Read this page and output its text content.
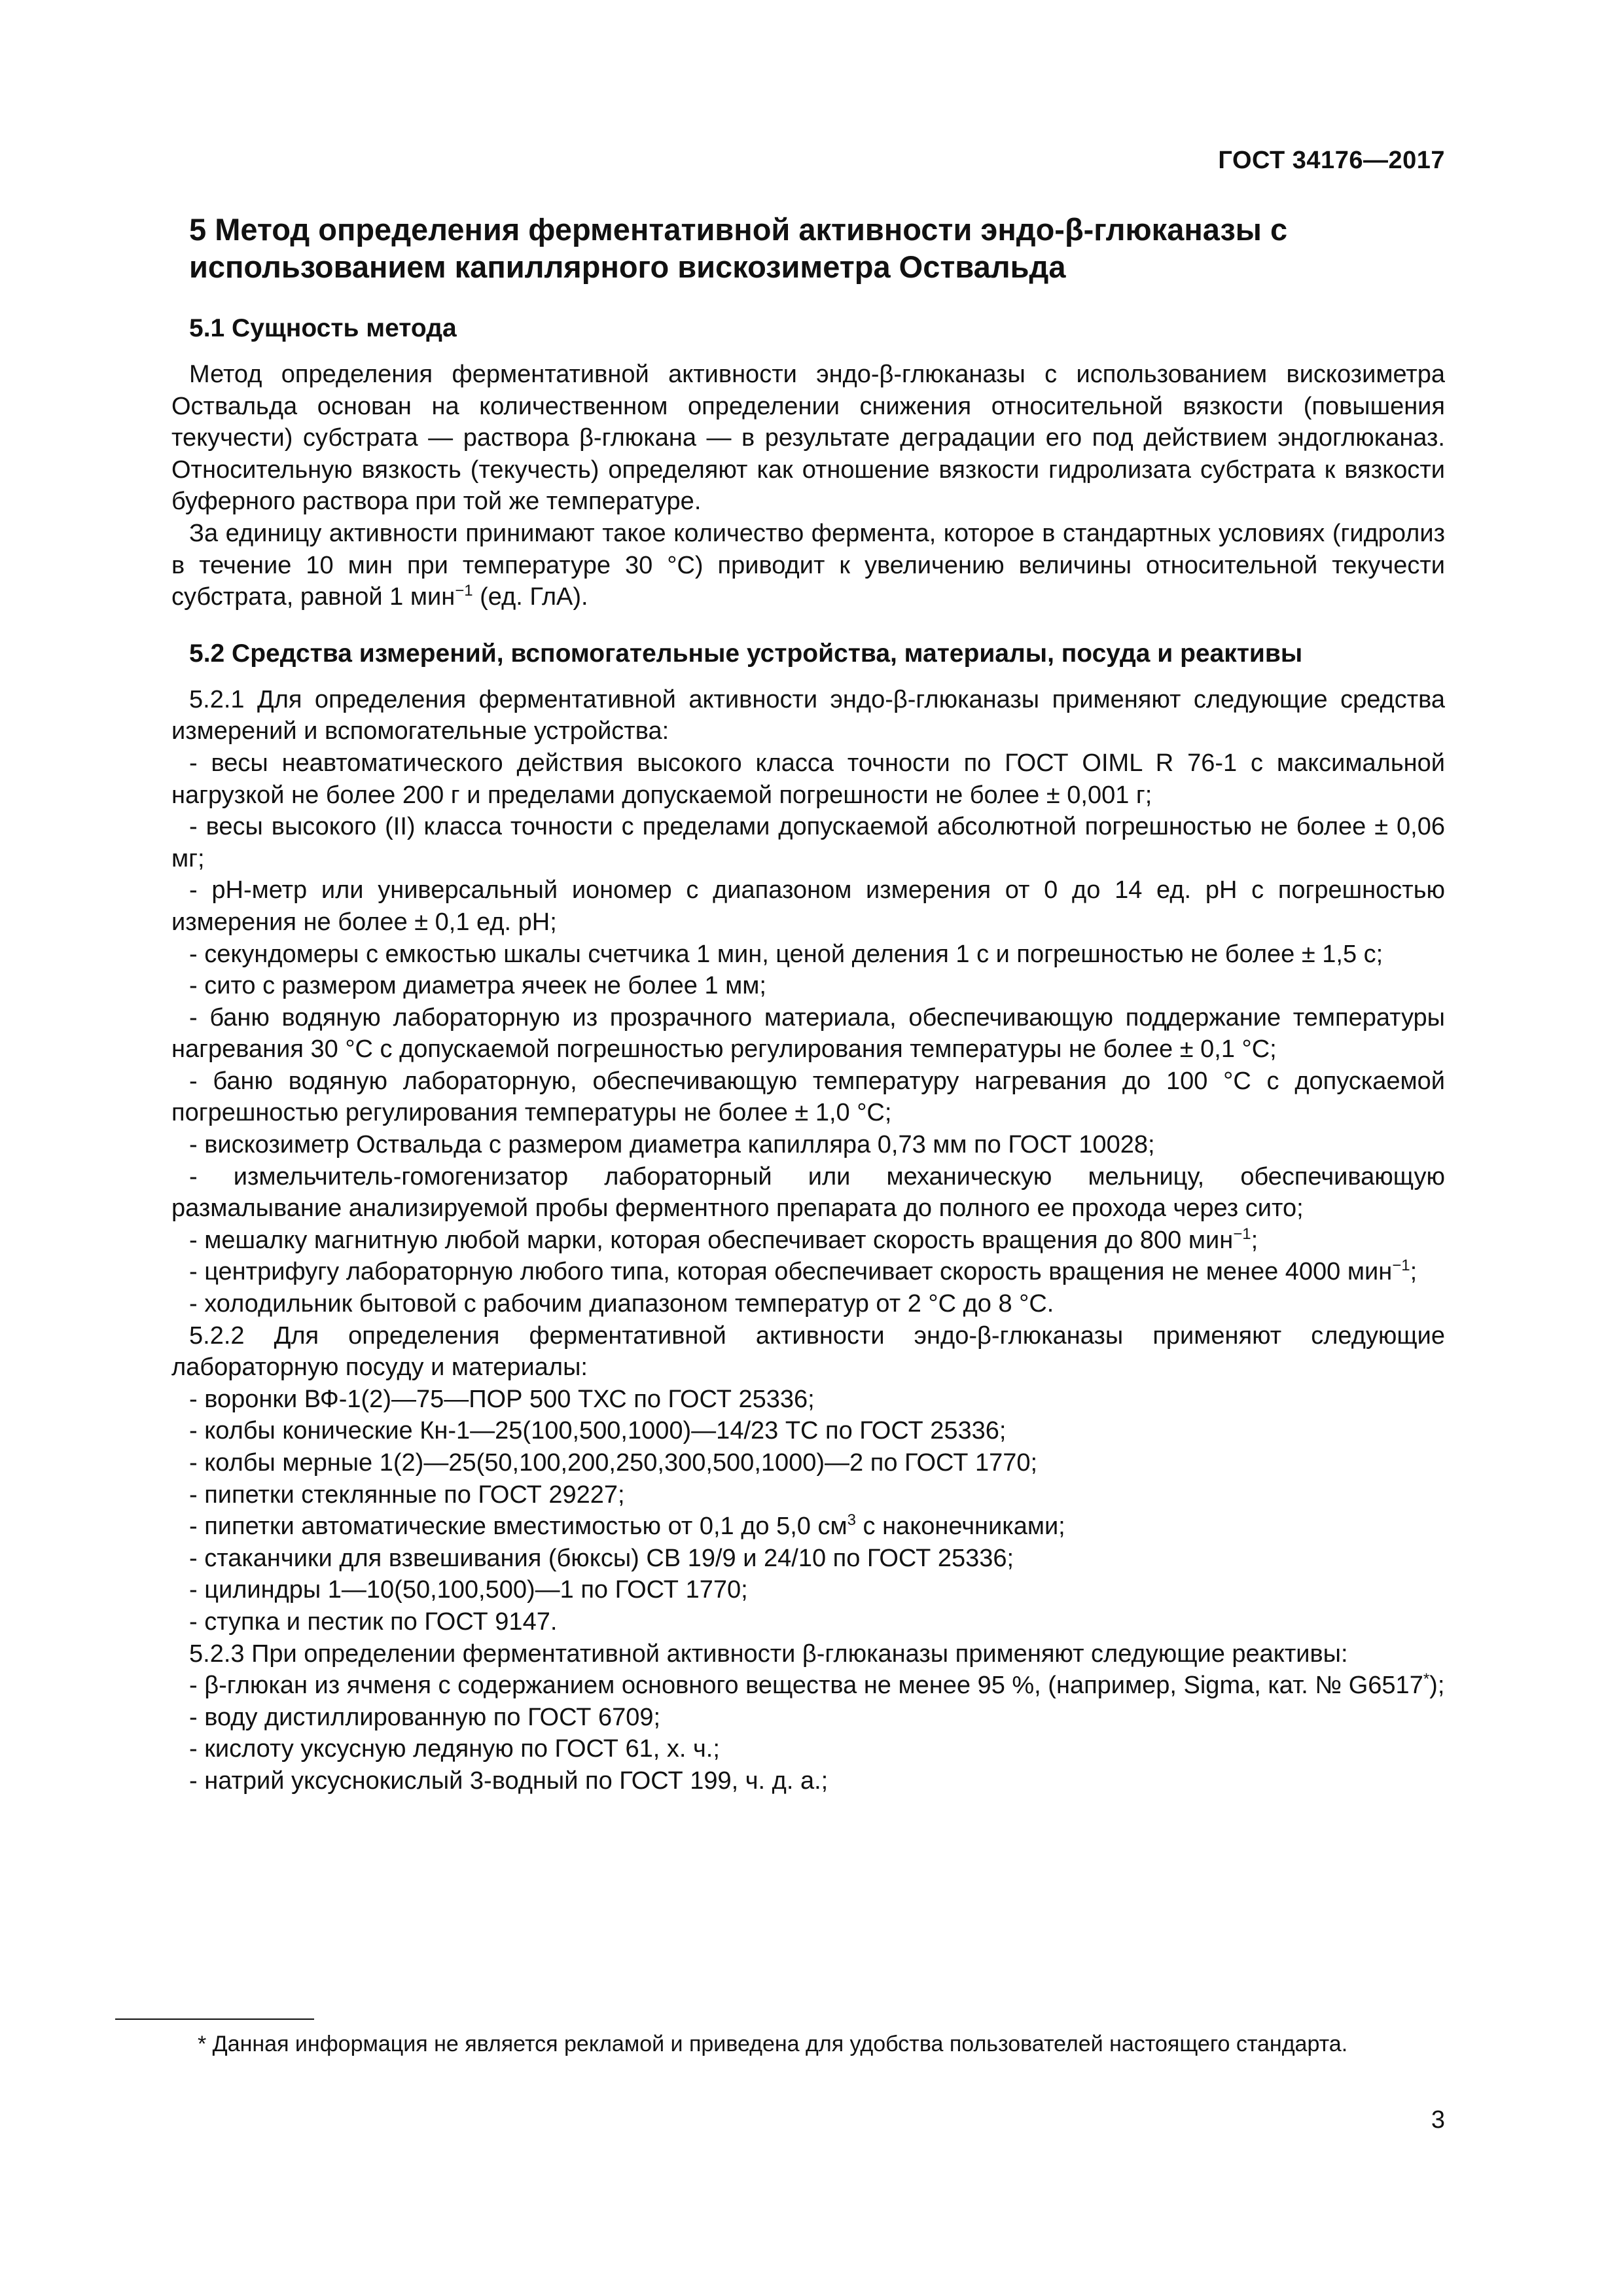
ГОСТ 34176—2017
5 Метод определения ферментативной активности эндо-β-глюканазы с использованием капиллярного вискозиметра Оствальда
5.1 Сущность метода

Метод определения ферментативной активности эндо-β-глюканазы с использованием вискозиметра Оствальда основан на количественном определении снижения относительной вязкости (повышения текучести) субстрата — раствора β-глюкана — в результате деградации его под действием эндоглюканаз. Относительную вязкость (текучесть) определяют как отношение вязкости гидролизата субстрата к вязкости буферного раствора при той же температуре.

За единицу активности принимают такое количество фермента, которое в стандартных условиях (гидролиз в течение 10 мин при температуре 30 °С) приводит к увеличению величины относительной текучести субстрата, равной 1 мин$^{-1}$ (ед. ГлА).

5.2 Средства измерений, вспомогательные устройства, материалы, посуда и реактивы

5.2.1 Для определения ферментативной активности эндо-β-глюканазы применяют следующие средства измерений и вспомогательные устройства:

- весы неавтоматического действия высокого класса точности по ГОСТ OIML R 76-1 с максимальной нагрузкой не более 200 г и пределами допускаемой погрешности не более ± 0,001 г;

- весы высокого (II) класса точности с пределами допускаемой абсолютной погрешностью не более ± 0,06 мг;

- pH-метр или универсальный иономер с диапазоном измерения от 0 до 14 ед. pH с погрешностью измерения не более ± 0,1 ед. pH;

- секундомеры с емкостью шкалы счетчика 1 мин, ценой деления 1 с и погрешностью не более ± 1,5 с;

- сито с размером диаметра ячеек не более 1 мм;

- баню водяную лабораторную из прозрачного материала, обеспечивающую поддержание температуры нагревания 30 °С с допускаемой погрешностью регулирования температуры не более ± 0,1 °С;

- баню водяную лабораторную, обеспечивающую температуру нагревания до 100 °С с допускаемой погрешностью регулирования температуры не более ± 1,0 °С;

- вискозиметр Оствальда с размером диаметра капилляра 0,73 мм по ГОСТ 10028;

- измельчитель-гомогенизатор лабораторный или механическую мельницу, обеспечивающую размалывание анализируемой пробы ферментного препарата до полного ее прохода через сито;

- мешалку магнитную любой марки, которая обеспечивает скорость вращения до 800 мин$^{-1}$;

- центрифугу лабораторную любого типа, которая обеспечивает скорость вращения не менее 4000 мин$^{-1}$;

- холодильник бытовой с рабочим диапазоном температур от 2 °С до 8 °С.

5.2.2 Для определения ферментативной активности эндо-β-глюканазы применяют следующие лабораторную посуду и материалы:

- воронки ВФ-1(2)—75—ПОР 500 ТХС по ГОСТ 25336;

- колбы конические Кн-1—25(100,500,1000)—14/23 ТС по ГОСТ 25336;

- колбы мерные 1(2)—25(50,100,200,250,300,500,1000)—2 по ГОСТ 1770;

- пипетки стеклянные по ГОСТ 29227;

- пипетки автоматические вместимостью от 0,1 до 5,0 $см^3$ с наконечниками;

- стаканчики для взвешивания (бюксы) СВ 19/9 и 24/10 по ГОСТ 25336;

- цилиндры 1—10(50,100,500)—1 по ГОСТ 1770;

- ступка и пестик по ГОСТ 9147.

5.2.3 При определении ферментативной активности β-глюканазы применяют следующие реактивы:

- β-глюкан из ячменя с содержанием основного вещества не менее 95 %, (например, Sigma, кат. № G6517*);

- воду дистиллированную по ГОСТ 6709;

- кислоту уксусную ледяную по ГОСТ 61, х. ч.;

- натрий уксуснокислый 3-водный по ГОСТ 199, ч. д. а.;

* Данная информация не является рекламой и приведена для удобства пользователей настоящего стандарта.
3
